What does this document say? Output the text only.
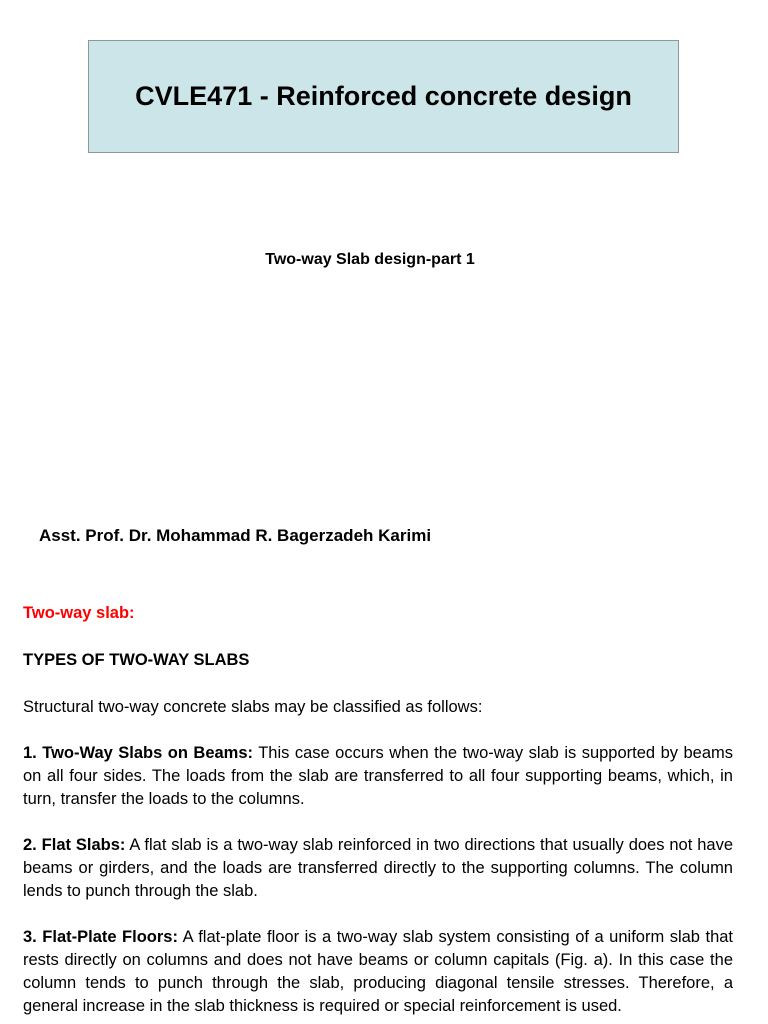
CVLE471 - Reinforced concrete design
Two-way Slab design-part 1
Asst. Prof. Dr. Mohammad R. Bagerzadeh Karimi
Two-way slab:
TYPES OF TWO-WAY SLABS
Structural two-way concrete slabs may be classified as follows:
1. Two-Way Slabs on Beams: This case occurs when the two-way slab is supported by beams on all four sides. The loads from the slab are transferred to all four supporting beams, which, in turn, transfer the loads to the columns.
2. Flat Slabs: A flat slab is a two-way slab reinforced in two directions that usually does not have beams or girders, and the loads are transferred directly to the supporting columns. The column lends to punch through the slab.
3. Flat-Plate Floors: A flat-plate floor is a two-way slab system consisting of a uniform slab that rests directly on columns and does not have beams or column capitals (Fig. a). In this case the column tends to punch through the slab, producing diagonal tensile stresses. Therefore, a general increase in the slab thickness is required or special reinforcement is used.
